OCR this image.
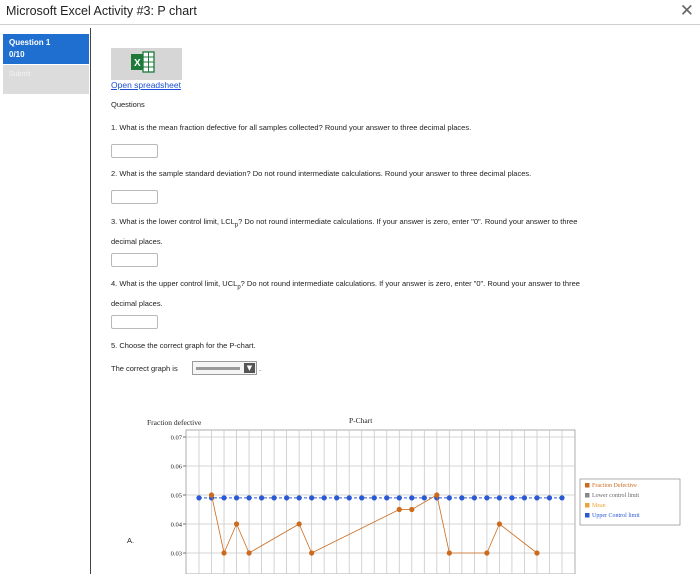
Microsoft Excel Activity #3: P chart	✕
Question 1
0/10
Submit
X
Open spreadsheet
Questions
1. What is the mean fraction defective for all samples collected? Round your answer to three decimal places.
2. What is the sample standard deviation? Do not round intermediate calculations. Round your answer to three decimal places.
3. What is the lower control limit, $LCL_p$? Do not round intermediate calculations. If your answer is zero, enter "0". Round your answer to three
decimal places.
4. What is the upper control limit, $UCL_p$? Do not round intermediate calculations. If your answer is zero, enter "0". Round your answer to three
decimal places.
5. Choose the correct graph for the P-chart.
The correct graph is	▼ .
A.
Fraction defective	P-Chart
0.07
0.06
0.05
0.04
0.03
Fraction Defective
Lower control limit
Mean
Upper Control limit
